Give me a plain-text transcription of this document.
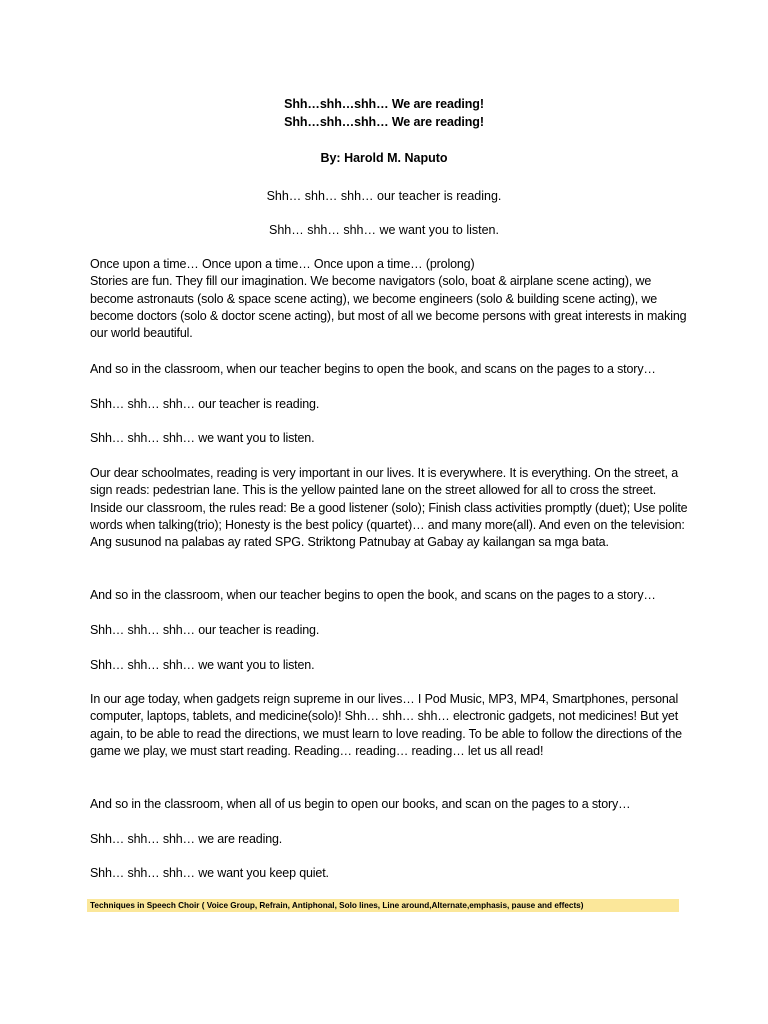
Shh…shh…shh… We are reading!
Shh…shh…shh… We are reading!
By: Harold M. Naputo
Shh… shh… shh… our teacher is reading.
Shh… shh… shh… we want you to listen.

Once upon a time… Once upon a time… Once upon a time… (prolong)

Stories are fun. They fill our imagination. We become navigators (solo, boat & airplane scene acting), we become astronauts (solo & space scene acting), we become engineers (solo & building scene acting), we become doctors (solo & doctor scene acting), but most of all we become persons with great interests in making our world beautiful.

And so in the classroom, when our teacher begins to open the book, and scans on the pages to a story…

Shh… shh… shh… our teacher is reading.

Shh… shh… shh… we want you to listen.

Our dear schoolmates, reading is very important in our lives. It is everywhere. It is everything. On the street, a sign reads: pedestrian lane. This is the yellow painted lane on the street allowed for all to cross the street. Inside our classroom, the rules read: Be a good listener (solo); Finish class activities promptly (duet); Use polite words when talking(trio); Honesty is the best policy (quartet)… and many more(all). And even on the television: Ang susunod na palabas ay rated SPG. Striktong Patnubay at Gabay ay kailangan sa mga bata.

And so in the classroom, when our teacher begins to open the book, and scans on the pages to a story…

Shh… shh… shh… our teacher is reading.

Shh… shh… shh… we want you to listen.

In our age today, when gadgets reign supreme in our lives… I Pod Music, MP3, MP4, Smartphones, personal computer, laptops, tablets, and medicine(solo)! Shh… shh… shh… electronic gadgets, not medicines! But yet again, to be able to read the directions, we must learn to love reading. To be able to follow the directions of the game we play, we must start reading. Reading… reading… reading… let us all read!

And so in the classroom, when all of us begin to open our books, and scan on the pages to a story…

Shh… shh… shh… we are reading.

Shh… shh… shh… we want you keep quiet.

Techniques in Speech Choir ( Voice Group, Refrain, Antiphonal, Solo lines, Line around,Alternate,emphasis, pause and effects)
